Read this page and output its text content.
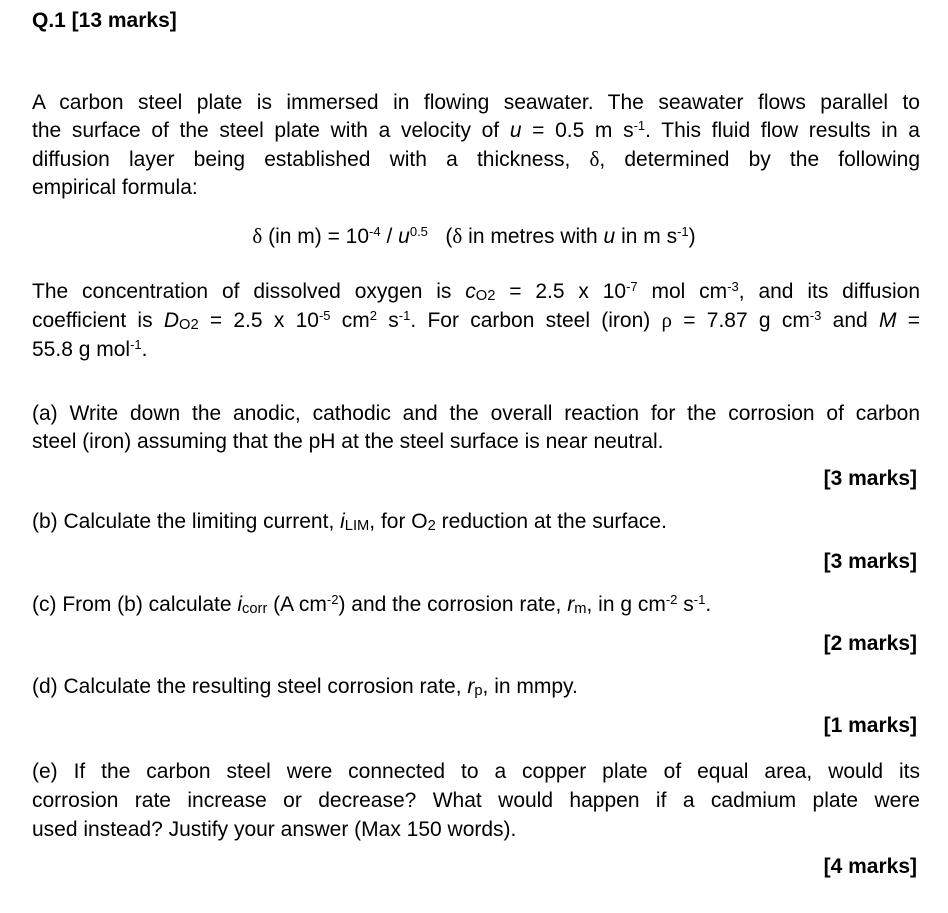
Q.1 [13 marks]
A carbon steel plate is immersed in flowing seawater. The seawater flows parallel to
the surface of the steel plate with a velocity of u = 0.5 m $s^{-1}$. This fluid flow results in a
diffusion layer being established with a thickness, δ, determined by the following
empirical formula:
δ (in $m) = 10^{-4} / u^{0.5}$   (δ in metres with u in m $s^{-1}$)
The concentration of dissolved oxygen is $c_{O2} = 2.5$ x $10^{-7}$ mol $cm^{-3}$, and its diffusion
coefficient is $D_{O2} = 2.5$ x $10^{-5}$ $cm^2$ $s^{-1}$. For carbon steel (iron) ρ = 7.87 g $cm^{-3}$ and M =
55.8 g mol$^{-1}$.
(a) Write down the anodic, cathodic and the overall reaction for the corrosion of carbon
steel (iron) assuming that the pH at the steel surface is near neutral.
[3 marks]
(b) Calculate the limiting current, $i_{LIM}$, for $O_2$ reduction at the surface.
[3 marks]
(c) From (b) calculate $i_{corr}$ (A $cm^{-2}$) and the corrosion rate, $r_m$, in g $cm^{-2}$ $s^{-1}$.
[2 marks]
(d) Calculate the resulting steel corrosion rate, $r_p$, in mmpy.
[1 marks]
(e) If the carbon steel were connected to a copper plate of equal area, would its
corrosion rate increase or decrease? What would happen if a cadmium plate were
used instead? Justify your answer (Max 150 words).
[4 marks]
